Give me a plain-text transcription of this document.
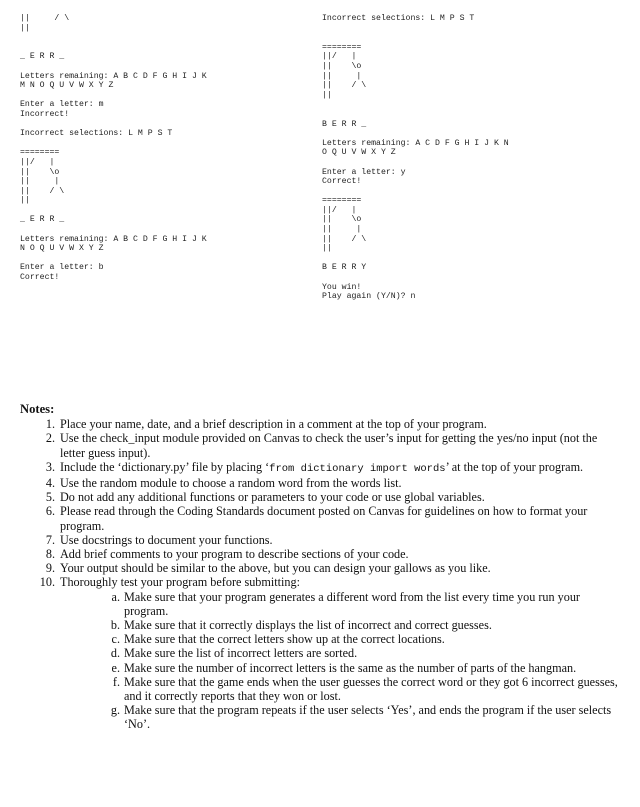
||     / \
||
_ E R R _
Letters remaining: A B C D F G H I J K
M N O Q U V W X Y Z
Enter a letter: m
Incorrect!
Incorrect selections: L M P S T
========
||/   |
||    \o
||     |
||    / \
||
_ E R R _
Letters remaining: A B C D F G H I J K
N O Q U V W X Y Z
Enter a letter: b
Correct!
Incorrect selections: L M P S T
========
||/   |
||    \o
||     |
||    / \
||
B E R R _
Letters remaining: A C D F G H I J K N
O Q U V W X Y Z
Enter a letter: y
Correct!
========
||/   |
||    \o
||     |
||    / \
||
B E R R Y
You win!
Play again (Y/N)? n
Notes:
1. Place your name, date, and a brief description in a comment at the top of your program.
2. Use the check_input module provided on Canvas to check the user’s input for getting the yes/no input (not the letter guess input).
3. Include the ‘dictionary.py’ file by placing ‘from dictionary import words’ at the top of your program.
4. Use the random module to choose a random word from the words list.
5. Do not add any additional functions or parameters to your code or use global variables.
6. Please read through the Coding Standards document posted on Canvas for guidelines on how to format your program.
7. Use docstrings to document your functions.
8. Add brief comments to your program to describe sections of your code.
9. Your output should be similar to the above, but you can design your gallows as you like.
10. Thoroughly test your program before submitting:
a. Make sure that your program generates a different word from the list every time you run your program.
b. Make sure that it correctly displays the list of incorrect and correct guesses.
c. Make sure that the correct letters show up at the correct locations.
d. Make sure the list of incorrect letters are sorted.
e. Make sure the number of incorrect letters is the same as the number of parts of the hangman.
f. Make sure that the game ends when the user guesses the correct word or they got 6 incorrect guesses, and it correctly reports that they won or lost.
g. Make sure that the program repeats if the user selects ‘Yes’, and ends the program if the user selects ‘No’.
